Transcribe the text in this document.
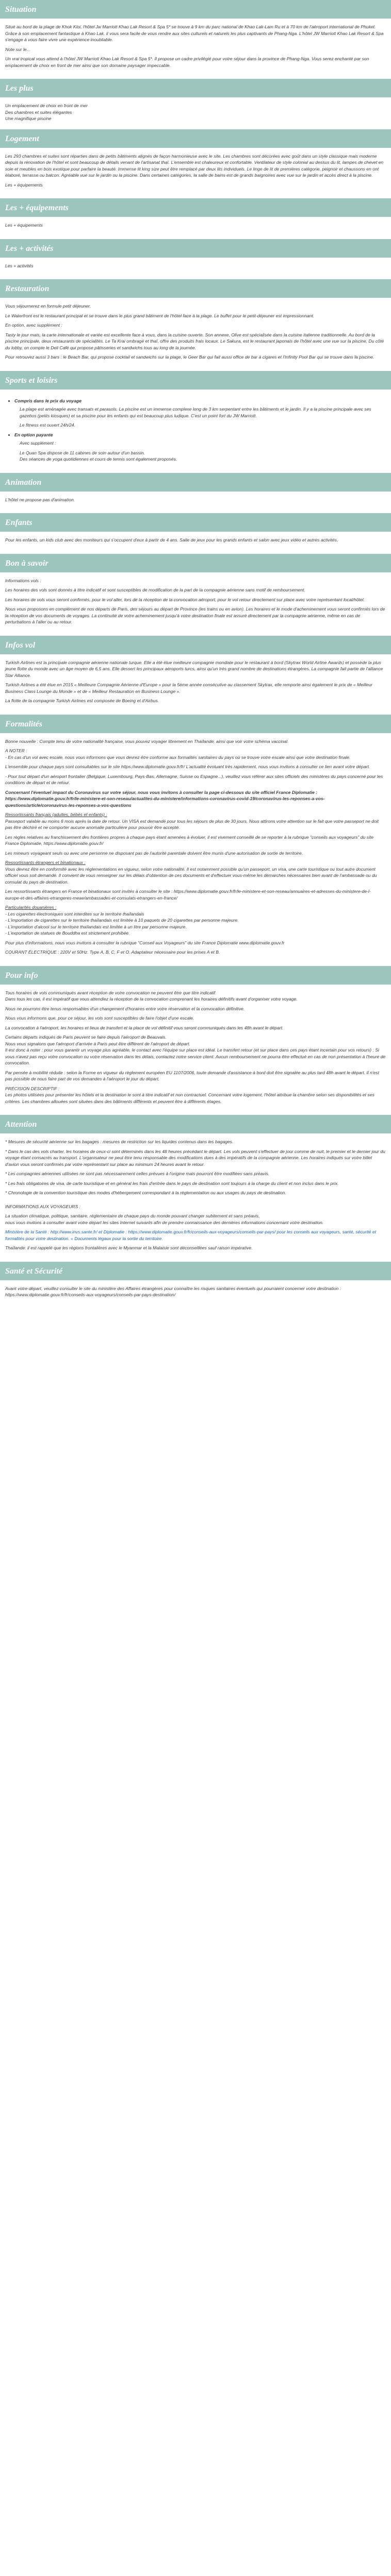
Situation

Situé au bord de la plage de Khok Kloi, l'hôtel Jw Marriott Khao Lak Resort & Spa 5* se trouve à 9 km du parc national de Khao Lak-Lam Ru et à 70 km de l'aéroport international de Phuket. Grâce à son emplacement fantastique à Khao Lak, il vous sera facile de vous rendre aux sites culturels et naturels les plus captivants de Phang-Nga. L'hôtel JW Marriott Khao Lak Resort & Spa s'engage à vous faire vivre une expérience inoubliable.

Note sur le...

Un vrai tropical vous attend à l'hôtel JW Marriott Khao Lak Resort & Spa 5*. Il propose un cadre privilégié pour votre séjour dans la province de Phang-Nga. Vous serez enchanté par son emplacement de choix en front de mer ainsi que son domaine paysager impeccable.

Les plus

Un emplacement de choix en front de mer

Des chambres et suites élégantes

Une magnifique piscine

Logement

Les 293 chambres et suites sont réparties dans de petits bâtiments alignés de façon harmonieuse avec le site. Les chambres sont décorées avec goût dans un style classique mais moderne depuis la rénovation de l'hôtel et sont beaucoup de détails venant de l'artisanat thaï. L'ensemble est chaleureux et confortable. Ventilateur de style colonial au dessus du lit, lampes de chevet en soie et meubles en bois exotique pour parfaire la beauté. Immense lit king size peut être remplacé par deux lits individuels. Le linge de lit de premières catégorie, peignoir et chaussons en ont élaboré, terrasse ou balcon. Agréable vue sur le jardin ou la piscine. Dans certaines catégories, la salle de bains est de grands baignoires avec vue sur le jardin et accès direct à la piscine.

Les + équipements

Les + équipements

Les + équipements

Les + activités

Les + activités

Restauration

Vous séjournerez en formule petit déjeuner.

Le Waterfront est le restaurant principal et se trouve dans le plus grand bâtiment de l'hôtel face à la plage. Le buffet pour le petit-déjeuner est impressionnant.

En option, avec supplément :

Tasty le jour mais, la carte internationale et variée est excellente face à vous, dans la cuisine ouverte. Son annexe, Olive est spécialisée dans la cuisine italienne traditionnelle. Au bord de la piscine principale, deux restaurants de spécialités. Le Ta Krai ombragé et thaï, offre des produits frais locaux. Le Sakura, est le restaurant japonais de l'hôtel avec une vue sur la piscine. Du côté du lobby, on compte le Deli Café qui propose pâtisseries et sandwichs tous au long de la journée.

Pour retrouvez aussi 3 bars : le Beach Bar, qui propose cocktail et sandwichs sur la plage, le Geer Bar qui fait aussi office de bar à cigares et l'Infinity Pool Bar qui se trouve dans la piscine.

Sports et loisirs
• Compris dans le prix du voyage

La plage est aménagée avec transats et parasols. La piscine est un immense complexe long de 3 km serpentant entre les bâtiments et le jardin. Il y a la piscine principale avec ses gazebos (petits kiosques) et sa piscine pour les enfants qui est beaucoup plus ludique. C'est un point fort du JW Marriott.

Le fitness est ouvert 24h/24.

• En option payante

Avec supplément :

Le Quan Spa dispose de 11 cabines de soin autour d'un bassin.

Des séances de yoga quotidiennes et cours de tennis sont également proposés.

Animation

L'hôtel ne propose pas d'animation.

Enfants

Pour les enfants, un kids club avec des moniteurs qui s'occupent d'eux à partir de 4 ans. Salle de jeux pour les grands enfants et salon avec jeux vidéo et autres activités.

Bon à savoir

Informations vols :

Les horaires des vols sont donnés à titre indicatif et sont susceptibles de modification de la part de la compagnie aérienne sans motif de remboursement.

Les horaires de vols vous seront confirmés, pour le vol aller, lors de la réception de la convocation aéroport, pour le vol retour directement sur place avec votre représentant local/hôtel.

Nous vous proposons en complément de nos départs de Paris, des séjours au départ de Province (les trains ou en avion). Les horaires et le mode d'acheminement vous seront confirmés lors de la réception de vos documents de voyages. La continuité de votre acheminement jusqu'à votre destination finale est assuré directement par la compagnie aérienne, même en cas de perturbations à l'aller ou au retour.

Infos vol

Turkish Airlines est la principale compagnie aérienne nationale turque. Elle a été élue meilleure compagnie mondiale pour le restaurant à bord (Skytrax World Airline Awards) et possède la plus jeune flotte du monde avec un âge moyen de 6,5 ans. Elle dessert les principaux aéroports turcs, ainsi qu'un très grand nombre de destinations étrangères. La compagnie fait partie de l'alliance Star Alliance.

Turkish Airlines a été élue en 2015 « Meilleure Compagnie Aérienne d'Europe » pour la 5ème année consécutive au classement Skytrax, elle remporte ainsi également le prix de « Meilleur Business Class Lounge du Monde » et de « Meilleur Restauration en Business Lounge ».

La flotte de la compagnie Turkish Airlines est composée de Boeing et d'Airbus.

Formalités

Bonne nouvelle : Compte tenu de votre nationalité française, vous pouvez voyager librement en Thaïlande, ainsi que voir votre schéma vaccinal.

A NOTER :

- En cas d'un vol avec escale, nous vous informons que vous devrez être conforme aux formalités sanitaires du pays où se trouve votre escale ainsi que votre destination finale.

L'ensemble pour chaque pays sont consultables sur le site https://www.diplomatie.gouv.fr/fr/ L'actualité évoluant très rapidement, nous vous invitons à consulter ce lien avant votre départ.

- Pour tout départ d'un aéroport frontalier (Belgique, Luxembourg, Pays-Bas, Allemagne, Suisse ou Espagne...), veuillez vous référer aux sites officiels des ministères du pays concerné pour les conditions de départ et de retour.

Concernant l'éventuel impact du Coronavirus sur votre séjour, nous vous invitons à consulter la page ci-dessous du site officiel France Diplomatie : https://www.diplomatie.gouv.fr/fr/le-ministere-et-son-reseau/actualites-du-ministere/informations-coronavirus-covid-19/coronavirus-les-reponses-a-vos-questions/article/coronavirus-les-reponses-a-vos-questions

Ressortissants français (adultes, bébés et enfants) :

Passeport valable au moins 6 mois après la date de retour. Un VISA est demandé pour tous les séjours de plus de 30 jours. Nous attirons votre attention sur le fait que votre passeport ne doit pas être déchiré et ne comporter aucune anomalie particulière pour pouvoir être accepté.

Les règles relatives au franchissement des frontières propres à chaque pays étant amenées à évoluer, il est vivement conseillé de se reporter à la rubrique "conseils aux voyageurs" du site France Diplomatie, https://www.diplomatie.gouv.fr/

Les mineurs voyageant seuls ou avec une personne ne disposant pas de l'autorité parentale doivent être munis d'une autorisation de sortie de territoire.

Ressortissants étrangers et binationaux :

Vous devrez être en conformité avec les réglementations en vigueur, selon votre nationalité. Il est notamment possible qu'un passeport, un visa, une carte touristique ou tout autre document officiel vous soit demandé. Il convient de vous renseigner sur les délais d'obtention de ces documents et d'effectuer vous-même les démarches nécessaires bien avant de l'ambassade ou du consulat du pays de destination.

Les ressortissants étrangers en France et binationaux sont invités à consulter le site : https://www.diplomatie.gouv.fr/fr/le-ministere-et-son-reseau/annuaires-et-adresses-du-ministere-de-l-europe-et-des-affaires-etrangeres-meae/ambassades-et-consulats-etrangers-en-france/

Particularités douanières :

- Les cigarettes électroniques sont interdites sur le territoire thaïlandais

- L'importation de cigarettes sur le territoire thaïlandais est limitée à 10 paquets de 20 cigarettes par personne majeure.

- L'importation d'alcool sur le territoire thaïlandais est limitée à un litre par personne majeure.

- L'exportation de statues de Bouddha est strictement prohibée.

Pour plus d'informations, nous vous invitons à consulter la rubrique "Conseil aux Voyageurs" du site France Diplomatie www.diplomatie.gouv.fr

COURANT ÉLECTRIQUE : 220V et 50Hz. Type A, B, C, F et O. Adaptateur nécessaire pour les prises A et B.

Pour info

Tous horaires de vols communiqués avant réception de votre convocation ne peuvent être que titre indicatif.

Dans tous les cas, il est impératif que vous attendiez la réception de la convocation comprenant les horaires définitifs avant d'organiser votre voyage.

Nous ne pourrons être tenus responsables d'un changement d'horaires entre votre réservation et la convocation définitive.

Nous vous informons que, pour ce séjour, les vols sont susceptibles de faire l'objet d'une escale.

La convocation à l'aéroport, les horaires et lieux de transfert et la place de vol définitif vous seront communiqués dans les 48h avant le départ.

Certains départs indiqués de Paris peuvent se faire depuis l'aéroport de Beauvais.

Nous vous signalons que l'aéroport d'arrivée à Paris peut être différent de l'aéroport de départ.

Il est donc à noter : pour vous garantir un voyage plus agréable, le contact avec l'équipe sur place est idéal. Le transfert retour (et sur place dans ces pays étant incertain pour vos retours) : Si vous n'avez pas reçu votre convocation ou votre réservation dans les délais, contactez notre service client. Aucun remboursement ne pourra être effectué en cas de non présentation à l'heure de convocation.

Par pensée à mobilité réduite : selon la Forme en vigueur du règlement européen EU 1107/2006, toute demande d'assistance à bord doit être signalée au plus tard 48h avant le départ. Il n'est pas possible de nous faire part de vos demandes à l'aéroport le jour du départ.

PRÉCISION DESCRIPTIF :

Les photos utilisées pour présenter les hôtels et la destination le sont à titre indicatif et non contractuel. Concernant votre logement, l'hôtel attribue la chambre selon ses disponibilités et ses critères. Les chambres allouées sont situées dans des bâtiments différents et peuvent être à différents étages.

Attention

* Mesures de sécurité aérienne sur les bagages : mesures de restriction sur les liquides contenus dans les bagages.

* Dans le cas des vols charter, les horaires de ceux-ci sont déterminés dans les 48 heures précédant le départ. Les vols peuvent s'effectuer de jour comme de nuit, le premier et le dernier jour du voyage étant consacrés au transport. L'organisateur ne peut être tenu responsable des modifications dues à des impératifs de la compagnie aérienne. Les horaires indiqués sur votre billet d'avion vous seront confirmés par votre représentant sur place au minimum 24 heures avant le retour.

* Les compagnies aériennes utilisées ne sont pas nécessairement celles prévues à l'origine mais pourront être modifiées sans préavis.

* Les frais obligatoires de visa, de carte touristique et en général les frais d'entrée dans le pays de destination sont toujours à la charge du client et non inclus dans le prix.

* Chronologie de la convention touristique des modes d'hébergement correspondant à la réglementation ou aux usages du pays de destination.

INFORMATIONS AUX VOYAGEURS :

La situation climatique, politique, sanitaire, réglementaire de chaque pays du monde pouvant changer subitement et sans préavis,

nous vous invitons à consulter avant votre départ les sites Internet suivants afin de prendre connaissance des dernières informations concernant votre destination.

Ministère de la Santé : http://www.invs.sante.fr/ et Diplomatie : https://www.diplomatie.gouv.fr/fr/conseils-aux-voyageurs/conseils-par-pays/ pour les conseils aux voyageurs, santé, sécurité et formalités pour votre destination. « Documents légaux pour la sortie du territoire.

Thaïlande: il est rappelé que les régions frontalières avec le Myanmar et la Malaisie sont déconseillées sauf raison impérative.

Santé et Sécurité

Avant votre départ, veuillez consulter le site du ministère des Affaires étrangères pour connaître les risques sanitaires éventuels qui pourraient concerner votre destination : https://www.diplomatie.gouv.fr/fr/conseils-aux-voyageurs/conseils-par-pays-destination/
